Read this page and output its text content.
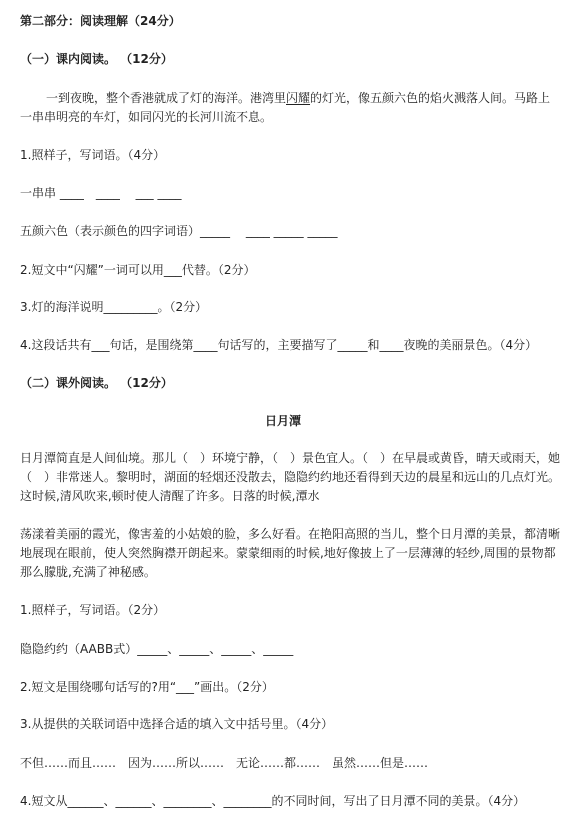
第二部分：阅读理解（24分）
（一）课内阅读。 （12分）
一到夜晚，整个香港就成了灯的海洋。港湾里闪耀的灯光，像五颜六色的焰火溅落人间。马路上一串串明亮的车灯，如同闪光的长河川流不息。
1.照样子，写词语。（4分）
一串串 ____　____　 ___ ____
五颜六色（表示颜色的四字词语）_____　 ____ _____ _____
2.短文中“闪耀”一词可以用___代替。（2分）
3.灯的海洋说明_________。（2分）
4.这段话共有___句话，是围绕第____句话写的，主要描写了_____和____夜晚的美丽景色。（4分）
（二）课外阅读。 （12分）
日月潭
日月潭简直是人间仙境。那儿（　）环境宁静，（　）景色宜人。（　）在早晨或黄昏，晴天或雨天，她（　）非常迷人。黎明时，湖面的轻烟还没散去，隐隐约约地还看得到天边的晨星和远山的几点灯光。这时候,清风吹来,顿时使人清醒了许多。日落的时候,潭水
荡漾着美丽的霞光，像害羞的小姑娘的脸，多么好看。在艳阳高照的当儿，整个日月潭的美景，都清晰地展现在眼前，使人突然胸襟开朗起来。蒙蒙细雨的时候,地好像披上了一层薄薄的轻纱,周围的景物都那么朦胧,充满了神秘感。
1.照样子，写词语。（2分）
隐隐约约（AABB式）_____、_____、_____、_____
2.短文是围绕哪句话写的?用“___”画出。（2分）
3.从提供的关联词语中选择合适的填入文中括号里。（4分）
不但……而且……　因为……所以……　无论……都……　虽然……但是……
4.短文从______、______、________、________的不同时间，写出了日月潭不同的美景。（4分）
